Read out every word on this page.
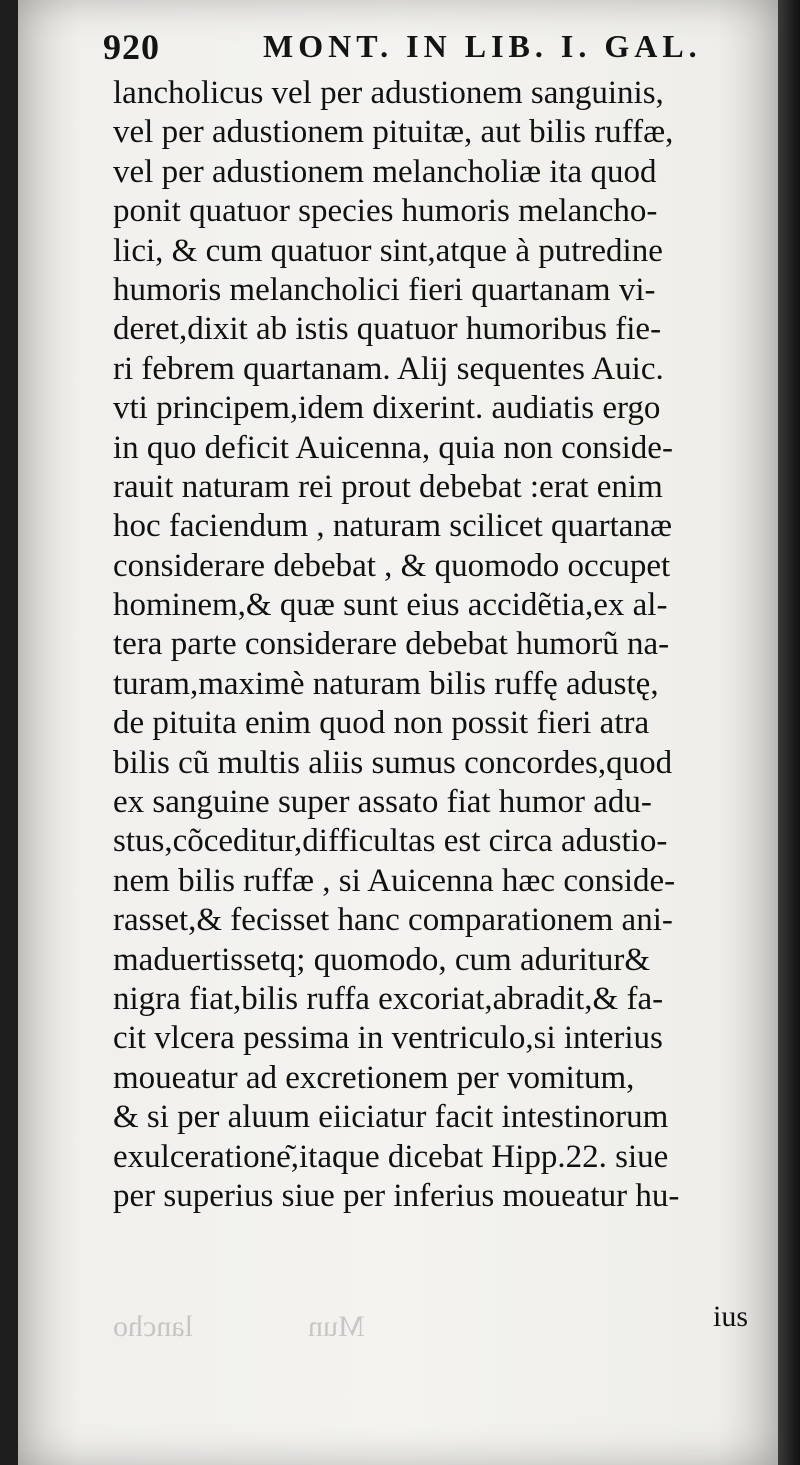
920	MONT. IN LIB. I. GAL.
lancholicus vel per adustionem sanguinis,
vel per adustionem pituitæ, aut bilis ruffæ,
vel per adustionem melancholiæ ita quod
ponit quatuor species humoris melancho-
lici, & cum quatuor sint,atque à putredine
humoris melancholici fieri quartanam vi-
deret,dixit ab istis quatuor humoribus fie-
ri febrem quartanam. Alij sequentes Auic.
vti principem,idem dixerint. audiatis ergo
in quo deficit Auicenna, quia non conside-
rauit naturam rei prout debebat :erat enim
hoc faciendum , naturam scilicet quartanæ
considerare debebat , & quomodo occupet
hominem,& quæ sunt eius accidẽtia,ex al-
tera parte considerare debebat humorũ na-
turam,maximè naturam bilis ruffę adustę,
de pituita enim quod non possit fieri atra
bilis cũ multis aliis sumus concordes,quod
ex sanguine super assato fiat humor adu-
stus,cõceditur,difficultas est circa adustio-
nem bilis ruffæ , si Auicenna hæc conside-
rasset,& fecisset hanc comparationem ani-
maduertissetq; quomodo, cum aduritur&
nigra fiat,bilis ruffa excoriat,abradit,& fa-
cit vlcera pessima in ventriculo,si interius
moueatur ad excretionem per vomitum,
& si per aluum eiiciatur facit intestinorum
exulceratione͂,itaque dicebat Hipp.22. siue
per superius siue per inferius moueatur hu-
ius
lancho	Mun
